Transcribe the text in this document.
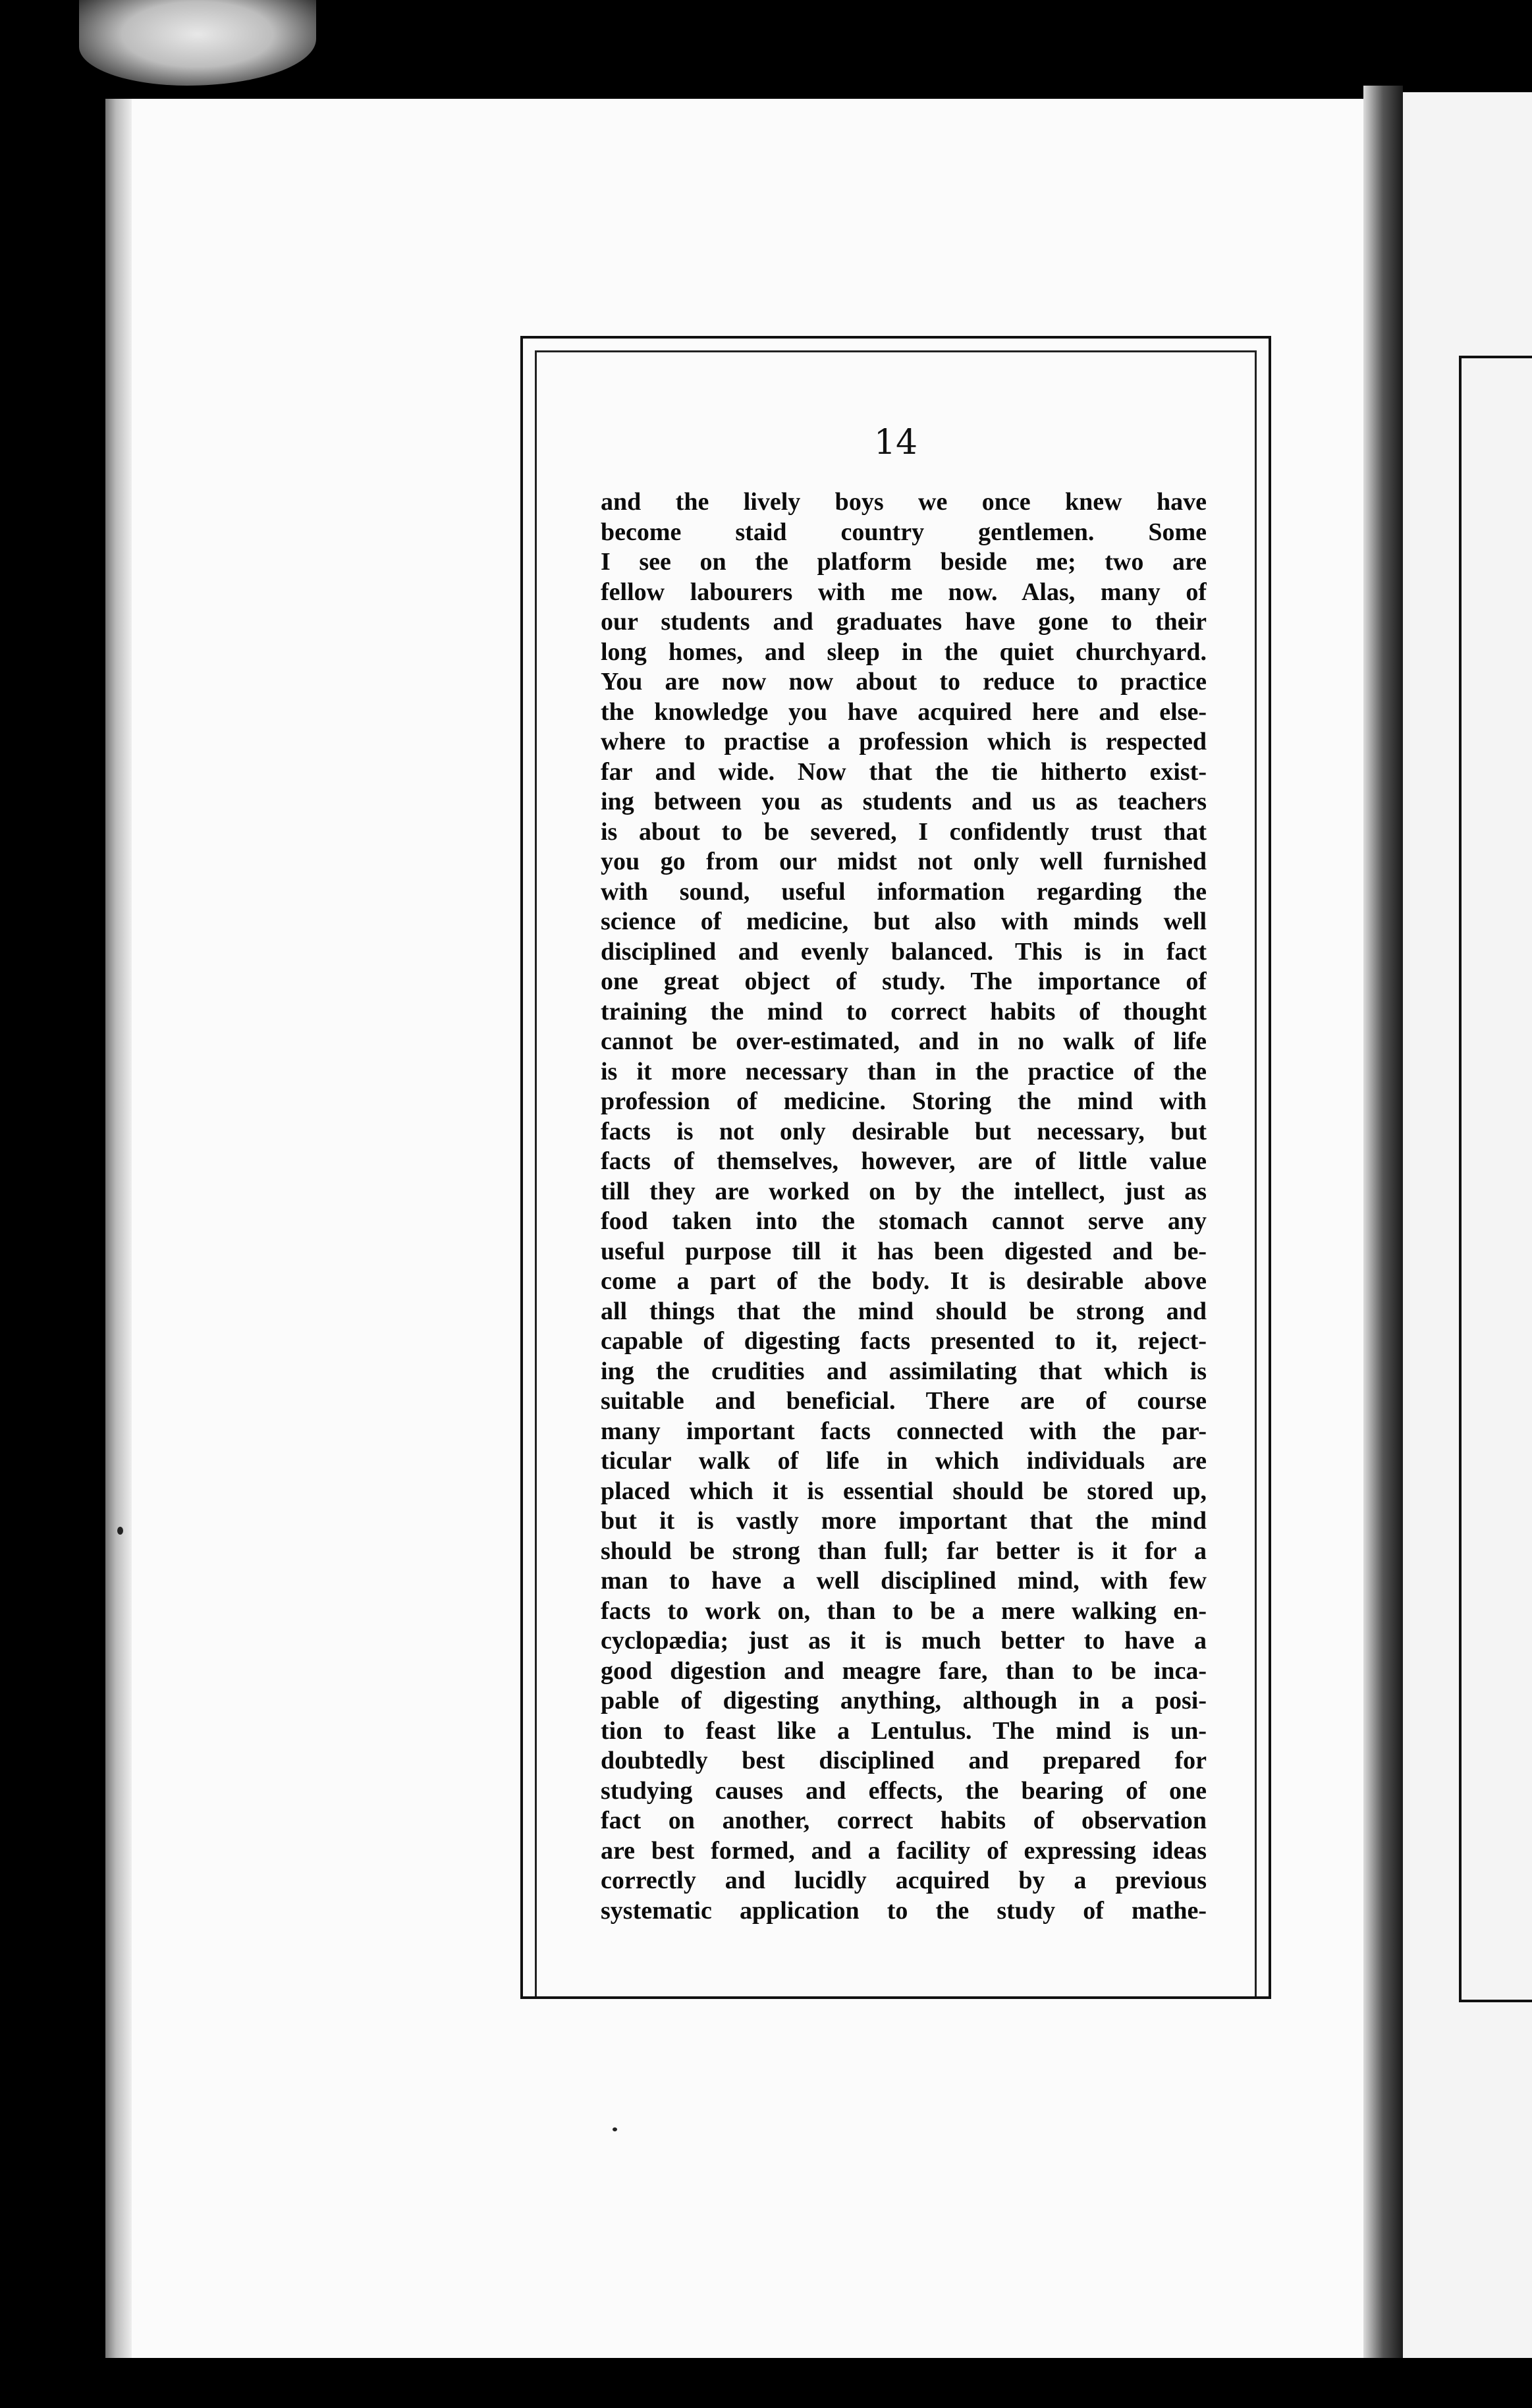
14
and the lively boys we once knew have
become staid country gentlemen. Some
I see on the platform beside me; two are
fellow labourers with me now. Alas, many of
our students and graduates have gone to their
long homes, and sleep in the quiet churchyard.
You are now now about to reduce to practice
the knowledge you have acquired here and else-
where to practise a profession which is respected
far and wide. Now that the tie hitherto exist-
ing between you as students and us as teachers
is about to be severed, I confidently trust that
you go from our midst not only well furnished
with sound, useful information regarding the
science of medicine, but also with minds well
disciplined and evenly balanced. This is in fact
one great object of study. The importance of
training the mind to correct habits of thought
cannot be over-estimated, and in no walk of life
is it more necessary than in the practice of the
profession of medicine. Storing the mind with
facts is not only desirable but necessary, but
facts of themselves, however, are of little value
till they are worked on by the intellect, just as
food taken into the stomach cannot serve any
useful purpose till it has been digested and be-
come a part of the body. It is desirable above
all things that the mind should be strong and
capable of digesting facts presented to it, reject-
ing the crudities and assimilating that which is
suitable and beneficial. There are of course
many important facts connected with the par-
ticular walk of life in which individuals are
placed which it is essential should be stored up,
but it is vastly more important that the mind
should be strong than full; far better is it for a
man to have a well disciplined mind, with few
facts to work on, than to be a mere walking en-
cyclopædia; just as it is much better to have a
good digestion and meagre fare, than to be inca-
pable of digesting anything, although in a posi-
tion to feast like a Lentulus. The mind is un-
doubtedly best disciplined and prepared for
studying causes and effects, the bearing of one
fact on another, correct habits of observation
are best formed, and a facility of expressing ideas
correctly and lucidly acquired by a previous
systematic application to the study of mathe-
